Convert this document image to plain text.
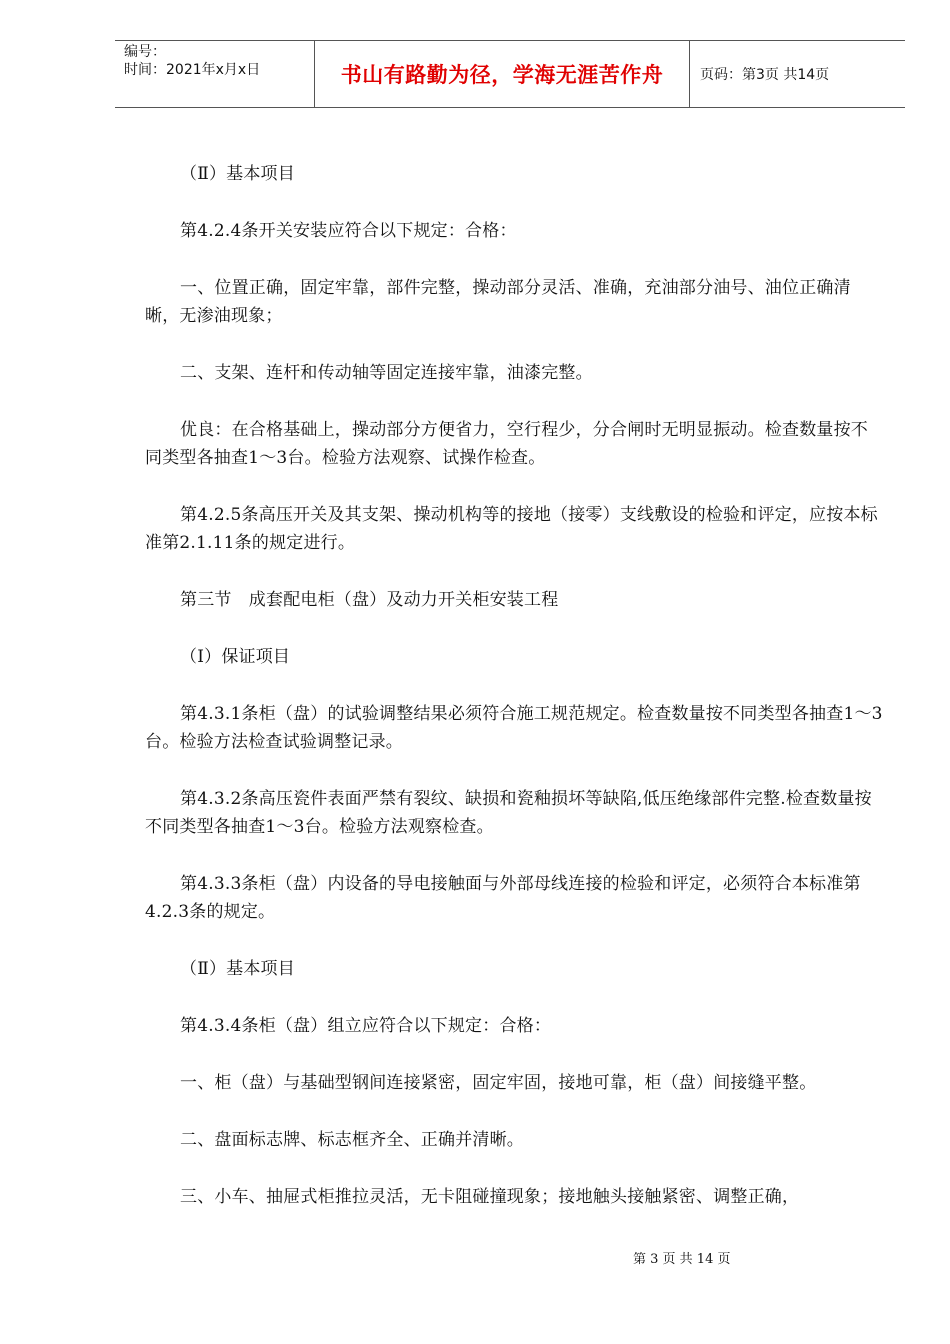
编号：
时间：2021年x月x日	书山有路勤为径，学海无涯苦作舟	页码：第3页 共14页

（Ⅱ）基本项目

第4.2.4条开关安装应符合以下规定：合格：

一、位置正确，固定牢靠，部件完整，操动部分灵活、准确，充油部分油号、油位正确清晰，无渗油现象；

二、支架、连杆和传动轴等固定连接牢靠，油漆完整。

优良：在合格基础上，操动部分方便省力，空行程少，分合闸时无明显振动。检查数量按不同类型各抽查1～3台。检验方法观察、试操作检查。

第4.2.5条高压开关及其支架、操动机构等的接地（接零）支线敷设的检验和评定，应按本标准第2.1.11条的规定进行。

第三节　成套配电柜（盘）及动力开关柜安装工程

（Ⅰ）保证项目

第4.3.1条柜（盘）的试验调整结果必须符合施工规范规定。检查数量按不同类型各抽查1～3台。检验方法检查试验调整记录。

第4.3.2条高压瓷件表面严禁有裂纹、缺损和瓷釉损坏等缺陷,低压绝缘部件完整.检查数量按不同类型各抽查1～3台。检验方法观察检查。

第4.3.3条柜（盘）内设备的导电接触面与外部母线连接的检验和评定，必须符合本标准第4.2.3条的规定。

（Ⅱ）基本项目

第4.3.4条柜（盘）组立应符合以下规定：合格：

一、柜（盘）与基础型钢间连接紧密，固定牢固，接地可靠，柜（盘）间接缝平整。

二、盘面标志牌、标志框齐全、正确并清晰。

三、小车、抽屉式柜推拉灵活，无卡阻碰撞现象；接地触头接触紧密、调整正确，

第 3 页 共 14 页
